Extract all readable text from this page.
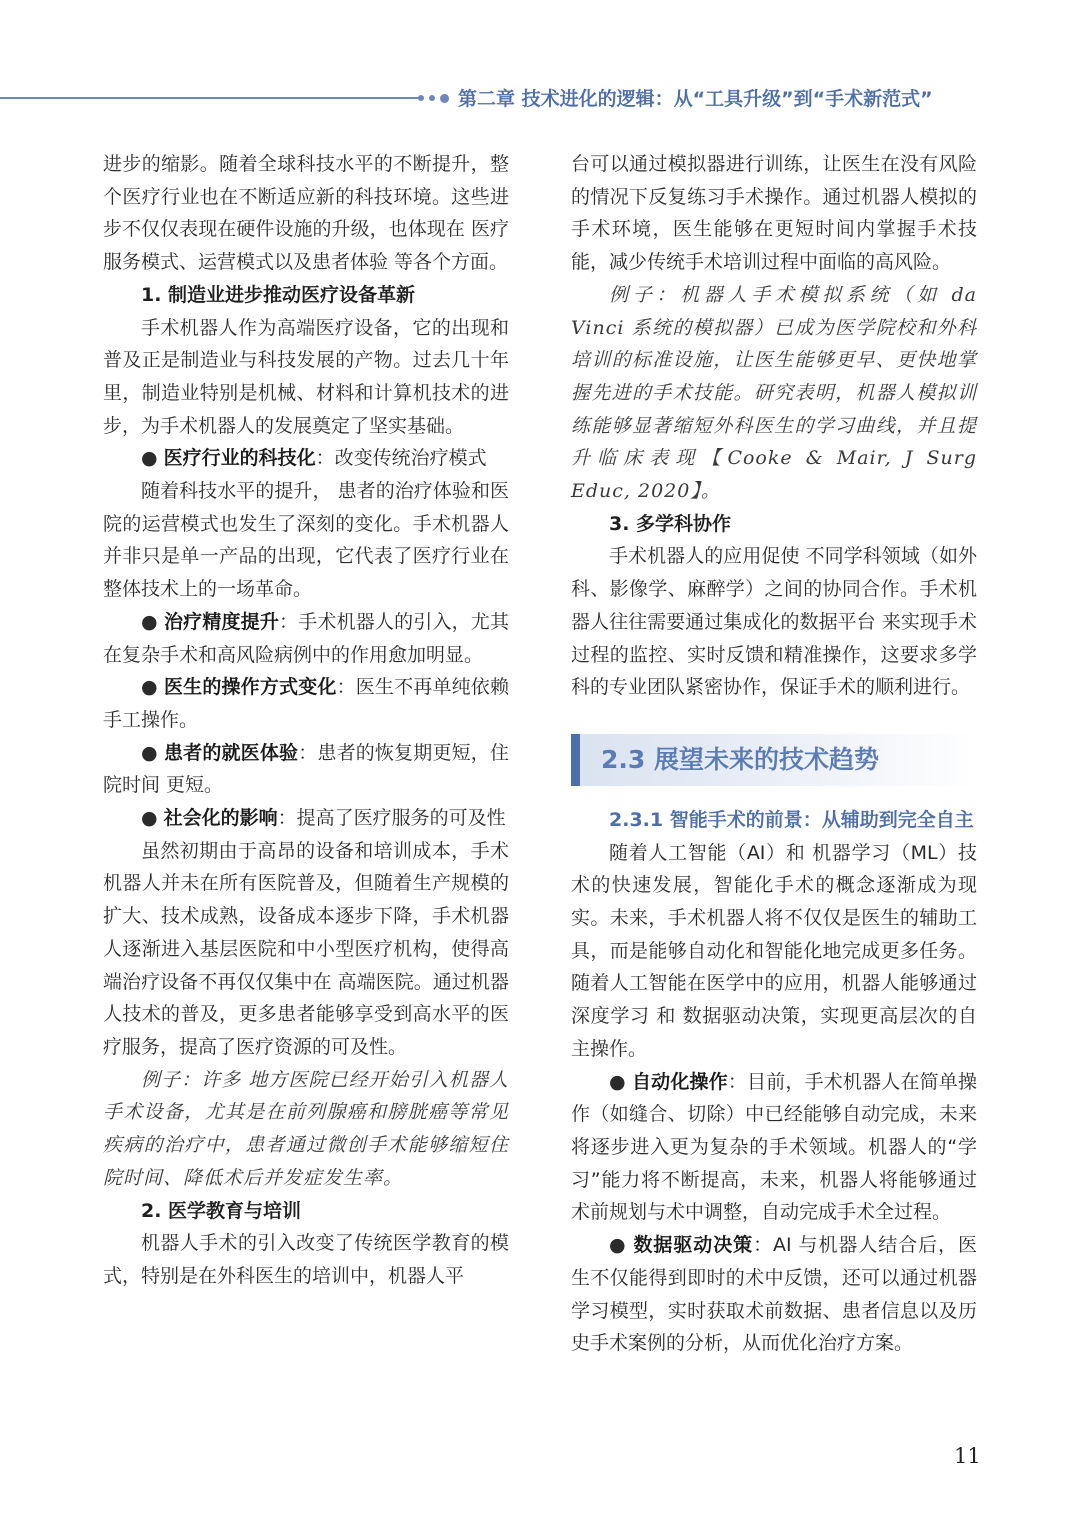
第二章 技术进化的逻辑：从“工具升级”到“手术新范式”

进步的缩影。随着全球科技水平的不断提升，整个医疗行业也在不断适应新的科技环境。这些进步不仅仅表现在硬件设施的升级，也体现在 医疗服务模式、运营模式以及患者体验 等各个方面。

1. 制造业进步推动医疗设备革新

手术机器人作为高端医疗设备，它的出现和普及正是制造业与科技发展的产物。过去几十年里，制造业特别是机械、材料和计算机技术的进步，为手术机器人的发展奠定了坚实基础。

● 医疗行业的科技化：改变传统治疗模式

随着科技水平的提升， 患者的治疗体验和医院的运营模式也发生了深刻的变化。手术机器人并非只是单一产品的出现，它代表了医疗行业在整体技术上的一场革命。

● 治疗精度提升：手术机器人的引入，尤其在复杂手术和高风险病例中的作用愈加明显。

● 医生的操作方式变化：医生不再单纯依赖手工操作。

● 患者的就医体验：患者的恢复期更短，住院时间 更短。

● 社会化的影响：提高了医疗服务的可及性

虽然初期由于高昂的设备和培训成本，手术机器人并未在所有医院普及，但随着生产规模的扩大、技术成熟，设备成本逐步下降，手术机器人逐渐进入基层医院和中小型医疗机构，使得高端治疗设备不再仅仅集中在 高端医院。通过机器人技术的普及，更多患者能够享受到高水平的医疗服务，提高了医疗资源的可及性。

例子：许多 地方医院已经开始引入机器人手术设备，尤其是在前列腺癌和膀胱癌等常见疾病的治疗中，患者通过微创手术能够缩短住院时间、降低术后并发症发生率。

2. 医学教育与培训

机器人手术的引入改变了传统医学教育的模式，特别是在外科医生的培训中，机器人平

台可以通过模拟器进行训练，让医生在没有风险的情况下反复练习手术操作。通过机器人模拟的手术环境，医生能够在更短时间内掌握手术技能，减少传统手术培训过程中面临的高风险。

例子：机器人手术模拟系统（如 da Vinci 系统的模拟器）已成为医学院校和外科培训的标准设施，让医生能够更早、更快地掌握先进的手术技能。研究表明，机器人模拟训练能够显著缩短外科医生的学习曲线，并且提升临床表现【Cooke & Mair, J Surg Educ, 2020】。

3. 多学科协作

手术机器人的应用促使 不同学科领域（如外科、影像学、麻醉学）之间的协同合作。手术机器人往往需要通过集成化的数据平台 来实现手术过程的监控、实时反馈和精准操作，这要求多学科的专业团队紧密协作，保证手术的顺利进行。

2.3 展望未来的技术趋势

2.3.1 智能手术的前景：从辅助到完全自主

随着人工智能（AI）和 机器学习（ML）技术的快速发展，智能化手术的概念逐渐成为现实。未来，手术机器人将不仅仅是医生的辅助工具，而是能够自动化和智能化地完成更多任务。随着人工智能在医学中的应用，机器人能够通过 深度学习 和 数据驱动决策，实现更高层次的自主操作。

● 自动化操作：目前，手术机器人在简单操作（如缝合、切除）中已经能够自动完成，未来将逐步进入更为复杂的手术领域。机器人的“学习”能力将不断提高，未来，机器人将能够通过术前规划与术中调整，自动完成手术全过程。

● 数据驱动决策：AI 与机器人结合后，医生不仅能得到即时的术中反馈，还可以通过机器学习模型，实时获取术前数据、患者信息以及历史手术案例的分析，从而优化治疗方案。

11
